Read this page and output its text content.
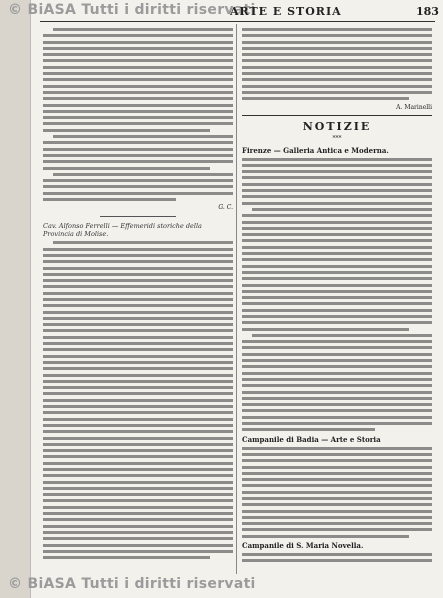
© BiASA Tutti i diritti riservati
© BiASA Tutti i diritti riservati
ARTE E STORIA	183
G. C.
Cav. Alfonso Ferrelli — Effemeridi storiche della Provincia di Molise.
A. Marinelli
NOTIZIE
***
Firenze — Galleria Antica e Moderna.
Campanile di Badia — Arte e Storia
Campanile di S. Maria Novella.
